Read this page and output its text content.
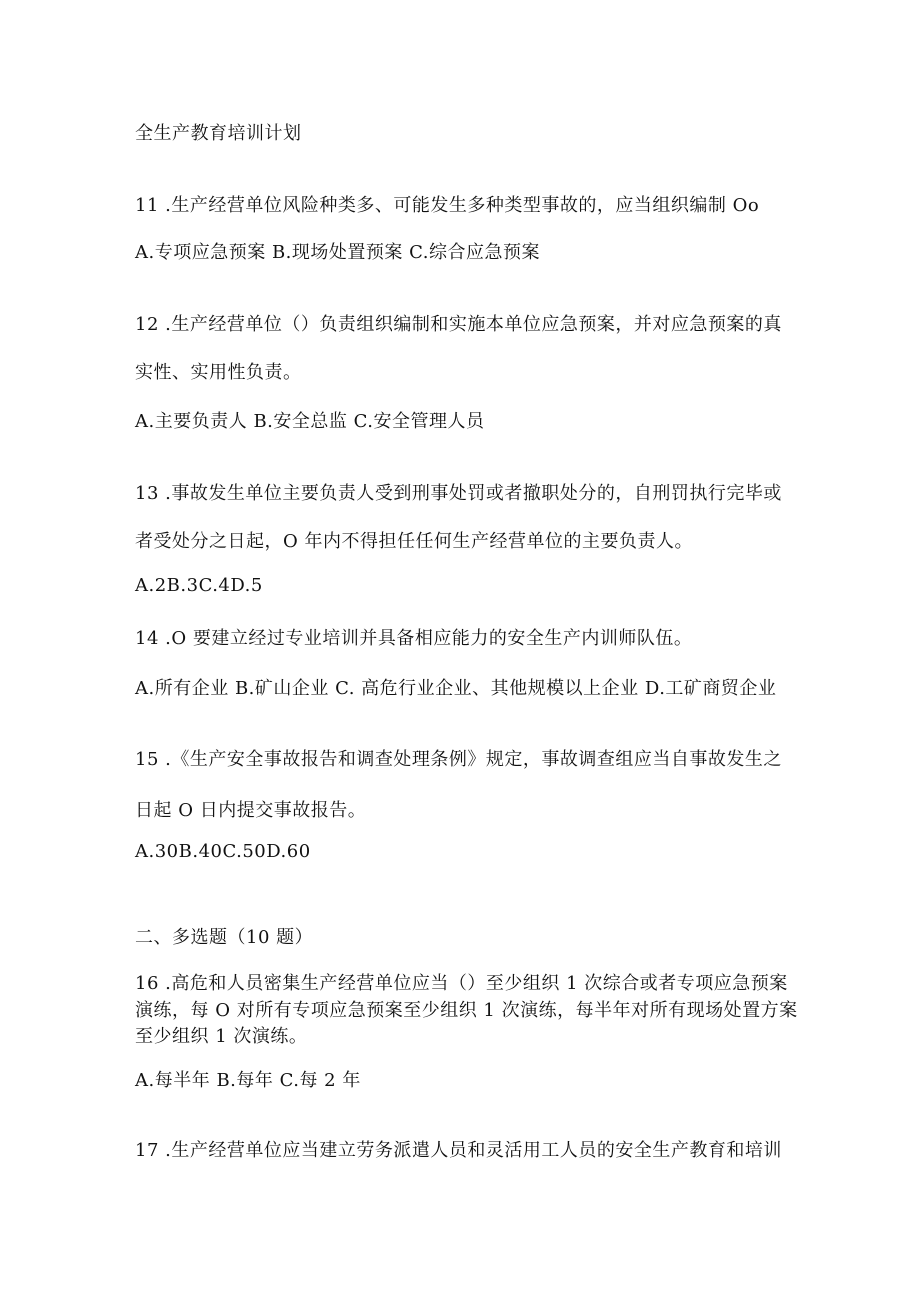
全生产教育培训计划
11 .生产经营单位风险种类多、可能发生多种类型事故的，应当组织编制 Oo
A.专项应急预案 B.现场处置预案 C.综合应急预案
12 .生产经营单位（）负责组织编制和实施本单位应急预案，并对应急预案的真
实性、实用性负责。
A.主要负责人 B.安全总监 C.安全管理人员
13 .事故发生单位主要负责人受到刑事处罚或者撤职处分的，自刑罚执行完毕或
者受处分之日起，O 年内不得担任任何生产经营单位的主要负责人。
A.2B.3C.4D.5
14 .O 要建立经过专业培训并具备相应能力的安全生产内训师队伍。
A.所有企业 B.矿山企业 C. 高危行业企业、其他规模以上企业 D.工矿商贸企业
15 .《生产安全事故报告和调查处理条例》规定，事故调查组应当自事故发生之
日起 O 日内提交事故报告。
A.30B.40C.50D.60
二、多选题（10 题）
16 .高危和人员密集生产经营单位应当（）至少组织 1 次综合或者专项应急预案
演练，每 O 对所有专项应急预案至少组织 1 次演练，每半年对所有现场处置方案
至少组织 1 次演练。
A.每半年 B.每年 C.每 2 年
17 .生产经营单位应当建立劳务派遣人员和灵活用工人员的安全生产教育和培训
